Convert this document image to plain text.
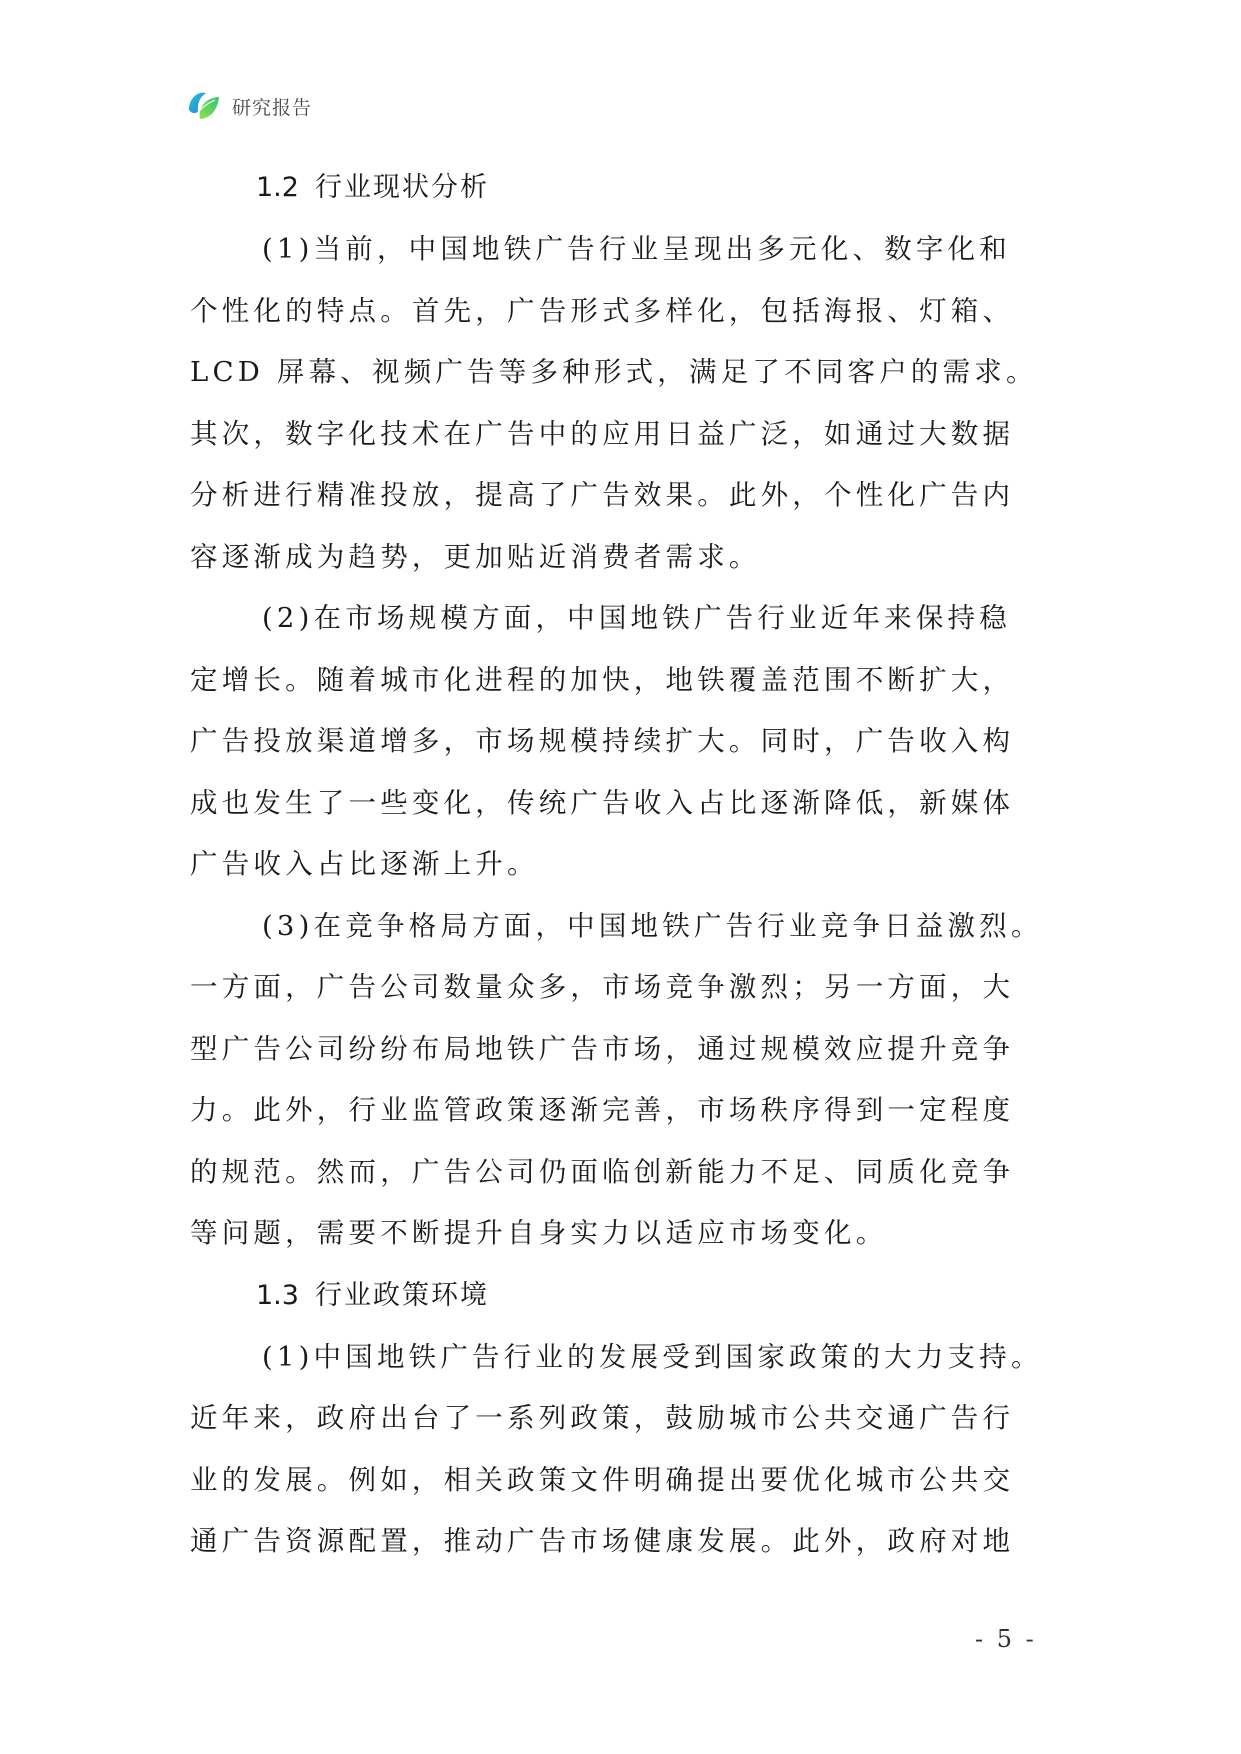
研究报告
1.2 行业现状分析
(1)当前，中国地铁广告行业呈现出多元化、数字化和
个性化的特点。首先，广告形式多样化，包括海报、灯箱、
LCD 屏幕、视频广告等多种形式，满足了不同客户的需求。
其次，数字化技术在广告中的应用日益广泛，如通过大数据
分析进行精准投放，提高了广告效果。此外，个性化广告内
容逐渐成为趋势，更加贴近消费者需求。
(2)在市场规模方面，中国地铁广告行业近年来保持稳
定增长。随着城市化进程的加快，地铁覆盖范围不断扩大，
广告投放渠道增多，市场规模持续扩大。同时，广告收入构
成也发生了一些变化，传统广告收入占比逐渐降低，新媒体
广告收入占比逐渐上升。
(3)在竞争格局方面，中国地铁广告行业竞争日益激烈。
一方面，广告公司数量众多，市场竞争激烈；另一方面，大
型广告公司纷纷布局地铁广告市场，通过规模效应提升竞争
力。此外，行业监管政策逐渐完善，市场秩序得到一定程度
的规范。然而，广告公司仍面临创新能力不足、同质化竞争
等问题，需要不断提升自身实力以适应市场变化。
1.3 行业政策环境
(1)中国地铁广告行业的发展受到国家政策的大力支持。
近年来，政府出台了一系列政策，鼓励城市公共交通广告行
业的发展。例如，相关政策文件明确提出要优化城市公共交
通广告资源配置，推动广告市场健康发展。此外，政府对地
- 5 -
